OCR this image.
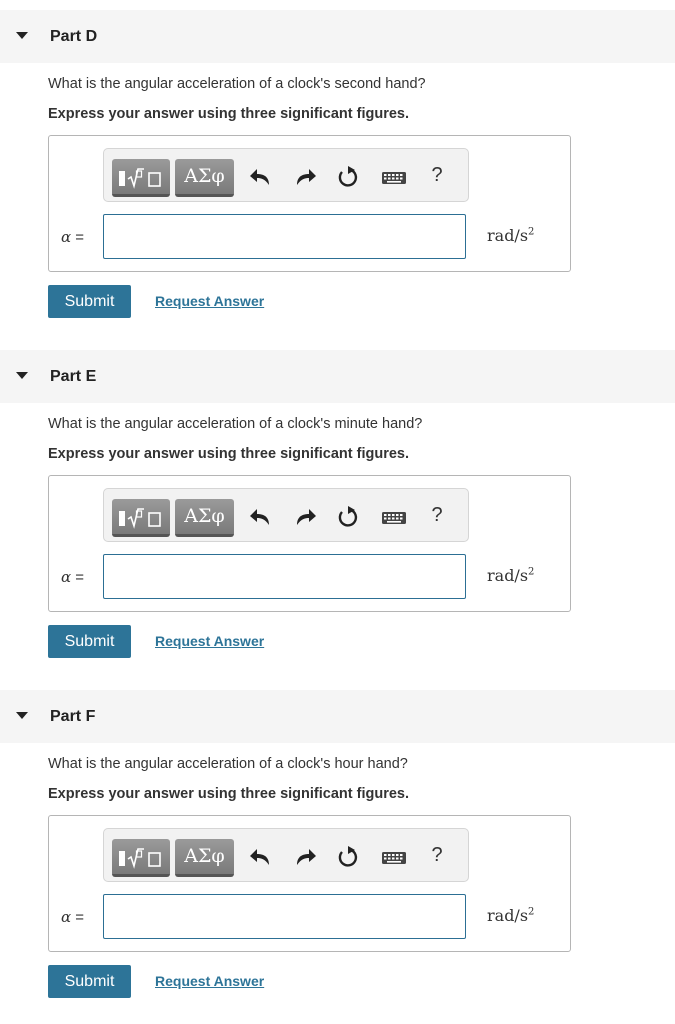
Part D
What is the angular acceleration of a clock's second hand?
Express your answer using three significant figures.
ΑΣφ	?
α =	rad/$s^2$
Submit	Request Answer
Part E
What is the angular acceleration of a clock's minute hand?
Express your answer using three significant figures.
ΑΣφ	?
α =	rad/$s^2$
Submit	Request Answer
Part F
What is the angular acceleration of a clock's hour hand?
Express your answer using three significant figures.
ΑΣφ	?
α =	rad/$s^2$
Submit	Request Answer
